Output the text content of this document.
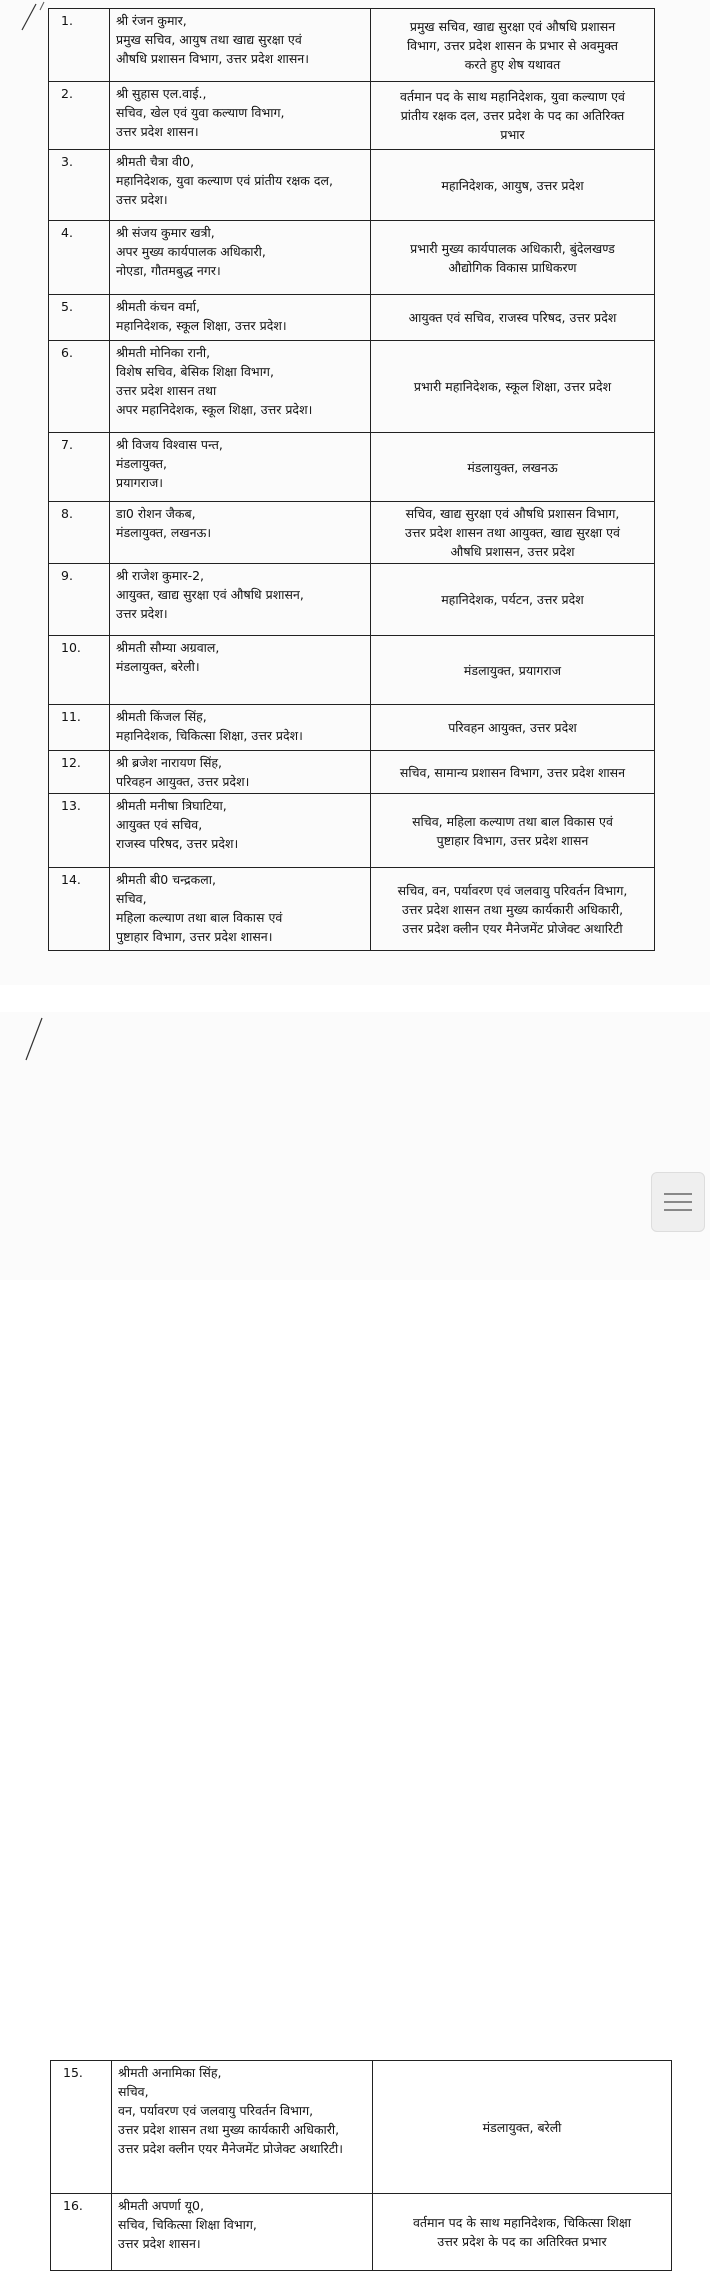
1.	श्री रंजन कुमार,
प्रमुख सचिव, आयुष तथा खाद्य सुरक्षा एवं
औषधि प्रशासन विभाग, उत्तर प्रदेश शासन।	प्रमुख सचिव, खाद्य सुरक्षा एवं औषधि प्रशासन
विभाग, उत्तर प्रदेश शासन के प्रभार से अवमुक्त
करते हुए शेष यथावत

2.	श्री सुहास एल.वाई.,
सचिव, खेल एवं युवा कल्याण विभाग,
उत्तर प्रदेश शासन।	वर्तमान पद के साथ महानिदेशक, युवा कल्याण एवं
प्रांतीय रक्षक दल, उत्तर प्रदेश के पद का अतिरिक्त
प्रभार

3.	श्रीमती चैत्रा वी0,
महानिदेशक, युवा कल्याण एवं प्रांतीय रक्षक दल,
उत्तर प्रदेश।	महानिदेशक, आयुष, उत्तर प्रदेश

4.	श्री संजय कुमार खत्री,
अपर मुख्य कार्यपालक अधिकारी,
नोएडा, गौतमबुद्ध नगर।	प्रभारी मुख्य कार्यपालक अधिकारी, बुंदेलखण्ड
औद्योगिक विकास प्राधिकरण

5.	श्रीमती कंचन वर्मा,
महानिदेशक, स्कूल शिक्षा, उत्तर प्रदेश।	आयुक्त एवं सचिव, राजस्व परिषद, उत्तर प्रदेश

6.	श्रीमती मोनिका रानी,
विशेष सचिव, बेसिक शिक्षा विभाग,
उत्तर प्रदेश शासन तथा
अपर महानिदेशक, स्कूल शिक्षा, उत्तर प्रदेश।	प्रभारी महानिदेशक, स्कूल शिक्षा, उत्तर प्रदेश

7.	श्री विजय विश्वास पन्त,
मंडलायुक्त,
प्रयागराज।	मंडलायुक्त, लखनऊ

8.	डा0 रोशन जैकब,
मंडलायुक्त, लखनऊ।	सचिव, खाद्य सुरक्षा एवं औषधि प्रशासन विभाग,
उत्तर प्रदेश शासन तथा आयुक्त, खाद्य सुरक्षा एवं
औषधि प्रशासन, उत्तर प्रदेश

9.	श्री राजेश कुमार-2,
आयुक्त, खाद्य सुरक्षा एवं औषधि प्रशासन,
उत्तर प्रदेश।	महानिदेशक, पर्यटन, उत्तर प्रदेश

10.	श्रीमती सौम्या अग्रवाल,
मंडलायुक्त, बरेली।	मंडलायुक्त, प्रयागराज

11.	श्रीमती किंजल सिंह,
महानिदेशक, चिकित्सा शिक्षा, उत्तर प्रदेश।	परिवहन आयुक्त, उत्तर प्रदेश

12.	श्री ब्रजेश नारायण सिंह,
परिवहन आयुक्त, उत्तर प्रदेश।	सचिव, सामान्य प्रशासन विभाग, उत्तर प्रदेश शासन

13.	श्रीमती मनीषा त्रिघाटिया,
आयुक्त एवं सचिव,
राजस्व परिषद, उत्तर प्रदेश।	सचिव, महिला कल्याण तथा बाल विकास एवं
पुष्टाहार विभाग, उत्तर प्रदेश शासन

14.	श्रीमती बी0 चन्द्रकला,
सचिव,
महिला कल्याण तथा बाल विकास एवं
पुष्टाहार विभाग, उत्तर प्रदेश शासन।	सचिव, वन, पर्यावरण एवं जलवायु परिवर्तन विभाग,
उत्तर प्रदेश शासन तथा मुख्य कार्यकारी अधिकारी,
उत्तर प्रदेश क्लीन एयर मैनेजमेंट प्रोजेक्ट अथारिटी
15.	श्रीमती अनामिका सिंह,
सचिव,
वन, पर्यावरण एवं जलवायु परिवर्तन विभाग,
उत्तर प्रदेश शासन तथा मुख्य कार्यकारी अधिकारी,
उत्तर प्रदेश क्लीन एयर मैनेजमेंट प्रोजेक्ट अथारिटी।	मंडलायुक्त, बरेली

16.	श्रीमती अपर्णा यू0,
सचिव, चिकित्सा शिक्षा विभाग,
उत्तर प्रदेश शासन।	वर्तमान पद के साथ महानिदेशक, चिकित्सा शिक्षा
उत्तर प्रदेश के पद का अतिरिक्त प्रभार
